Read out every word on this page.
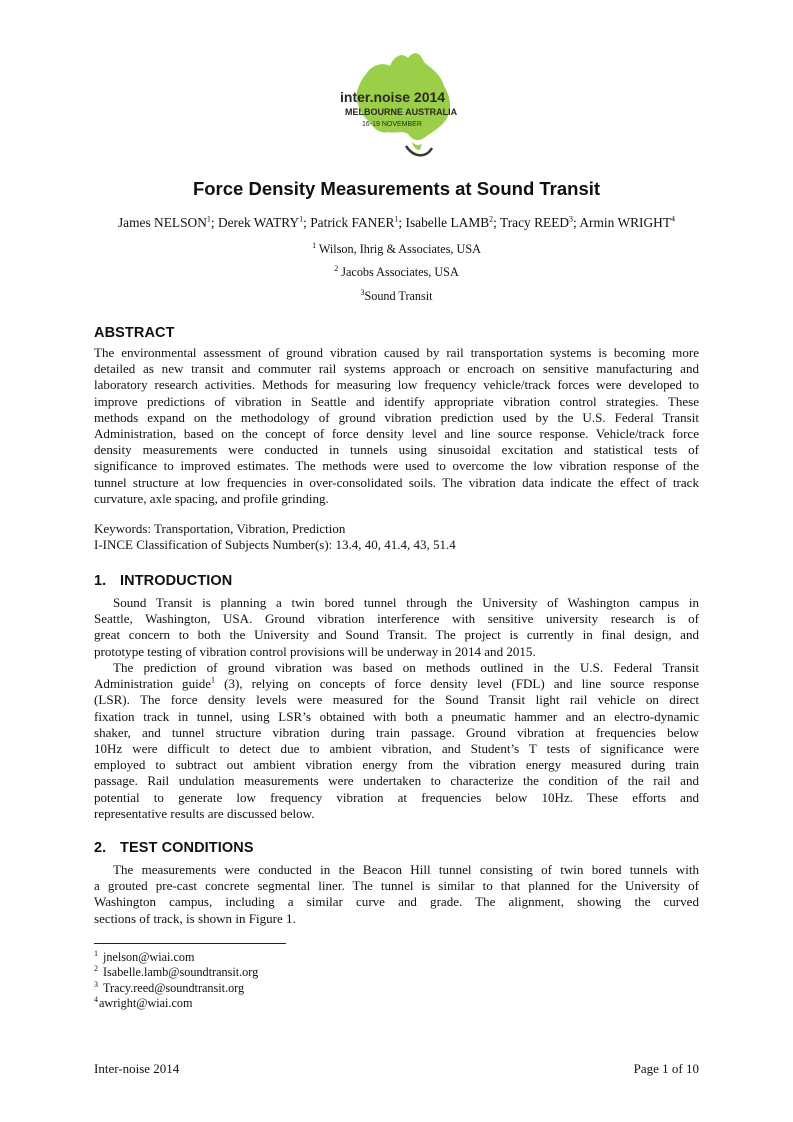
inter.noise 2014
MELBOURNE AUSTRALIA
16-19 NOVEMBER
Force Density Measurements at Sound Transit
James NELSON$^1$; Derek WATRY$^1$; Patrick FANER$^1$; Isabelle LAMB$^2$; Tracy REED$^3$; Armin WRIGHT$^4$
$^1$ Wilson, Ihrig & Associates, USA
$^2$ Jacobs Associates, USA
$^3$Sound Transit
ABSTRACT
The environmental assessment of ground vibration caused by rail transportation systems is becoming more
detailed as new transit and commuter rail systems approach or encroach on sensitive manufacturing and
laboratory research activities. Methods for measuring low frequency vehicle/track forces were developed to
improve predictions of vibration in Seattle and identify appropriate vibration control strategies. These
methods expand on the methodology of ground vibration prediction used by the U.S. Federal Transit
Administration, based on the concept of force density level and line source response. Vehicle/track force
density measurements were conducted in tunnels using sinusoidal excitation and statistical tests of
significance to improved estimates. The methods were used to overcome the low vibration response of the
tunnel structure at low frequencies in over-consolidated soils. The vibration data indicate the effect of track
curvature, axle spacing, and profile grinding.
Keywords: Transportation, Vibration, Prediction
I-INCE Classification of Subjects Number(s): 13.4, 40, 41.4, 43, 51.4
1. INTRODUCTION
Sound Transit is planning a twin bored tunnel through the University of Washington campus in
Seattle, Washington, USA. Ground vibration interference with sensitive university research is of
great concern to both the University and Sound Transit. The project is currently in final design, and
prototype testing of vibration control provisions will be underway in 2014 and 2015.
The prediction of ground vibration was based on methods outlined in the U.S. Federal Transit
Administration guide$^1$ (3), relying on concepts of force density level (FDL) and line source response
(LSR). The force density levels were measured for the Sound Transit light rail vehicle on direct
fixation track in tunnel, using LSR’s obtained with both a pneumatic hammer and an electro-dynamic
shaker, and tunnel structure vibration during train passage. Ground vibration at frequencies below
10Hz were difficult to detect due to ambient vibration, and Student’s T tests of significance were
employed to subtract out ambient vibration energy from the vibration energy measured during train
passage. Rail undulation measurements were undertaken to characterize the condition of the rail and
potential to generate low frequency vibration at frequencies below 10Hz. These efforts and
representative results are discussed below.
2. TEST CONDITIONS
The measurements were conducted in the Beacon Hill tunnel consisting of twin bored tunnels with
a grouted pre-cast concrete segmental liner. The tunnel is similar to that planned for the University of
Washington campus, including a similar curve and grade. The alignment, showing the curved
sections of track, is shown in Figure 1.
$^1$ jnelson@wiai.com
$^2$ Isabelle.lamb@soundtransit.org
$^3$ Tracy.reed@soundtransit.org
$^4$awright@wiai.com
Inter-noise 2014	Page 1 of 10
